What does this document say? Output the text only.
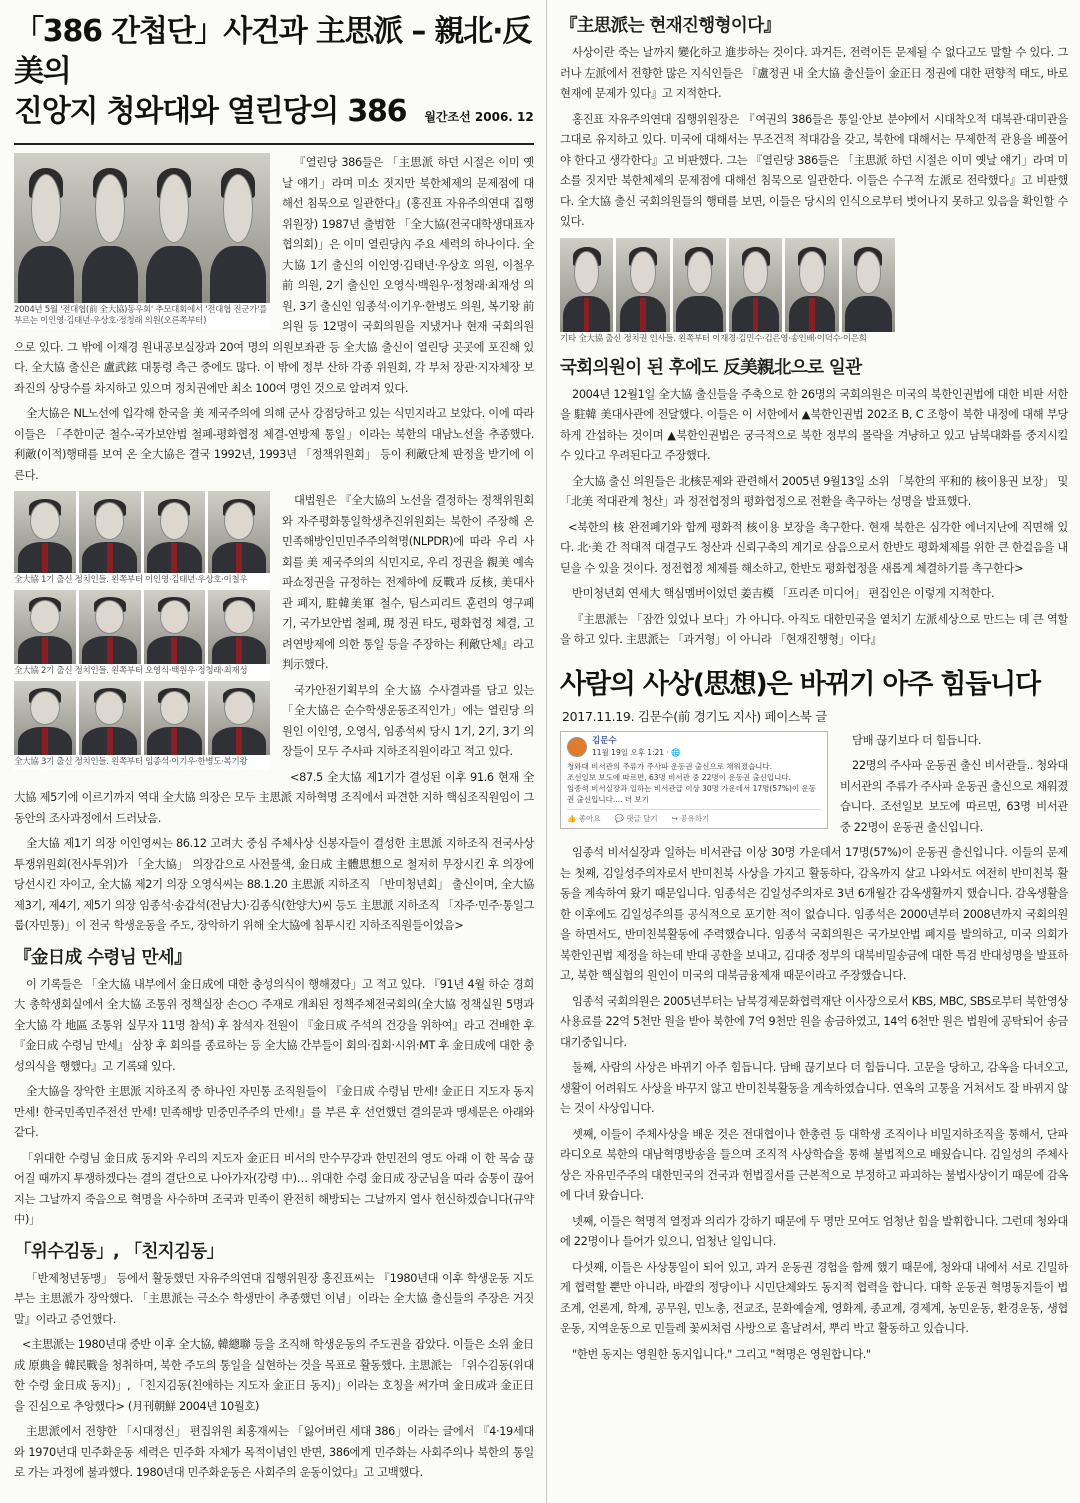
「386 간첩단」사건과 主思派 – 親北·反美의
진앙지 청와대와 열린당의 386 월간조선 2006. 12
2004년 5월 '전대협(前 全大協)동우회' 추모대회에서 '전대협 진군가'를 부르는 이인영·김태년·우상호·정청래 의원(오른쪽부터)

『열린당 386들은 「主思派 하던 시절은 이미 옛날 얘기」라며 미소 짓지만 북한체제의 문제점에 대해선 침묵으로 일관한다』(홍진표 자유주의연대 집행위원장) 1987년 출범한 「全大協(전국대학생대표자협의회)」은 이미 열린당內 주요 세력의 하나이다. 全大協 1기 출신의 이인영·김태년·우상호 의원, 이철우 前 의원, 2기 출신인 오영식·백원우·정청래·최재성 의원, 3기 출신인 임종석·이기우·한병도 의원, 복기왕 前 의원 등 12명이 국회의원을 지냈거나 현재 국회의원으로 있다. 그 밖에 이재경 원내공보실장과 20여 명의 의원보좌관 등 全大協 출신이 열린당 곳곳에 포진해 있다. 全大協 출신은 盧武鉉 대통령 측근 중에도 많다. 이 밖에 정부 산하 각종 위원회, 각 부처 장관·지자체장 보좌진의 상당수를 차지하고 있으며 정치권에만 최소 100여 명인 것으로 알려져 있다.

全大協은 NL노선에 입각해 한국을 美 제국주의에 의해 군사 강점당하고 있는 식민지라고 보았다. 이에 따라 이들은 「주한미군 철수-국가보안법 철폐-평화협정 체결-연방제 통일」이라는 북한의 대남노선을 추종했다. 利敵(이적)행태를 보여 온 全大協은 결국 1992년, 1993년 「정책위원회」 등이 利敵단체 판정을 받기에 이른다.

全大協 1기 출신 정치인들. 왼쪽부터 이인영·김태년·우상호·이철우
全大協 2기 출신 정치인들. 왼쪽부터 오영식·백원우·정청래·최재성
全大協 3기 출신 정치인들. 왼쪽부터 임종석·이기우·한병도·복기왕

대법원은 『全大協의 노선을 결정하는 정책위원회와 자주평화통일학생추진위원회는 북한이 주장해 온 민족해방인민민주주의혁명(NLPDR)에 따라 우리 사회를 美 제국주의의 식민지로, 우리 정권을 親美 예속 파쇼정권을 규정하는 전제하에 反戰과 反核, 美대사관 폐지, 駐韓美軍 철수, 팀스피리트 훈련의 영구폐기, 국가보안법 철폐, 現 정권 타도, 평화협정 체결, 고려연방제에 의한 통일 등을 주장하는 利敵단체』라고 判示했다.

국가안전기획부의 全大協 수사결과를 담고 있는 「全大協은 순수학생운동조직인가」에는 열린당 의원인 이인영, 오영식, 임종석씨 당시 1기, 2기, 3기 의장들이 모두 주사파 지하조직원이라고 적고 있다.

<87.5 全大協 제1기가 결성된 이후 91.6 현재 全大協 제5기에 이르기까지 역대 全大協 의장은 모두 主思派 지하혁명 조직에서 파견한 지하 핵심조직원임이 그 동안의 조사과정에서 드러났음.

全大協 제1기 의장 이인영씨는 86.12 고려大 중심 주체사상 신봉자들이 결성한 主思派 지하조직 전국사상투쟁위원회(전사투위)가 「全大協」 의장감으로 사전물색, 金日成 主體思想으로 철저히 무장시킨 후 의장에 당선시킨 자이고, 全大協 제2기 의장 오영식씨는 88.1.20 主思派 지하조직 「반미청년회」 출신이며, 全大協 제3기, 제4기, 제5기 의장 임종석·송갑석(전남大)·김종식(한양大)씨 등도 主思派 지하조직 「자주·민주·통일그룹(자민통)」이 전국 학생운동을 주도, 장악하기 위해 全大協에 침투시킨 지하조직원들이었음>

『金日成 수령님 만세』

이 기록들은 「全大協 내부에서 金日成에 대한 충성의식이 행해졌다」고 적고 있다. 『91년 4월 하순 경희大 총학생회실에서 全大協 조통위 정책실장 손○○ 주재로 개최된 정책주체전국회의(全大協 정책실원 5명과 全大協 각 地區 조통위 실무자 11명 참석) 후 참석자 전원이 『金日成 주석의 건강을 위하여』라고 건배한 후 『金日成 수령님 만세』 삼창 후 회의를 종료하는 등 全大協 간부들이 회의·집회·시위·MT 후 金日成에 대한 충성의식을 행했다』고 기록돼 있다.

全大協을 장악한 主思派 지하조직 중 하나인 자민통 조직원들이 『金日成 수령님 만세! 金正日 지도자 동지 만세! 한국민족민주전선 만세! 민족해방 민중민주주의 만세!』를 부른 후 선언했던 결의문과 맹세문은 아래와 같다.

「위대한 수령님 金日成 동지와 우리의 지도자 金正日 비서의 만수무강과 한민전의 영도 아래 이 한 목숨 끊어질 때까지 투쟁하겠다는 결의 결단으로 나아가자(강령 中)… 위대한 수령 金日成 장군님을 따라 숨통이 끊어지는 그날까지 죽음으로 혁명을 사수하며 조국과 민족이 완전히 해방되는 그날까지 열사 헌신하겠습니다(규약 中)」

「위수김동」, 「친지김동」

「반제청년동맹」 등에서 활동했던 자유주의연대 집행위원장 홍진표씨는 『1980년대 이후 학생운동 지도부는 主思派가 장악했다. 「主思派는 극소수 학생만이 추종했던 이념」이라는 全大協 출신들의 주장은 거짓말』이라고 증언했다.

<主思派는 1980년대 중반 이후 全大協, 韓總聯 등을 조직해 학생운동의 주도권을 잡았다. 이들은 소위 金日成 原典을 韓民戰을 청취하며, 북한 주도의 통일을 실현하는 것을 목표로 활동했다. 主思派는 「위수김동(위대한 수령 金日成 동지)」, 「친지김동(친애하는 지도자 金正日 동지)」이라는 호칭을 써가며 金日成과 金正日을 진심으로 추앙했다> (月刊朝鮮 2004년 10월호)

主思派에서 전향한 「시대정신」 편집위원 최홍재씨는 「잃어버린 세대 386」이라는 글에서 『4·19세대와 1970년대 민주화운동 세력은 민주화 자체가 목적이념인 반면, 386에게 민주화는 사회주의나 북한의 통일로 가는 과정에 불과했다. 1980년대 민주화운동은 사회주의 운동이었다』고 고백했다.

『主思派는 현재진행형이다』

사상이란 죽는 날까지 變化하고 進步하는 것이다. 과거든, 전력이든 문제될 수 없다고도 말할 수 있다. 그러나 左派에서 전향한 많은 지식인들은 『盧정권 내 全大協 출신들이 金正日 정권에 대한 편향적 태도, 바로 현재에 문제가 있다』고 지적한다.

홍진표 자유주의연대 집행위원장은 『여권의 386들은 통일·안보 분야에서 시대착오적 대북관·대미관을 그대로 유지하고 있다. 미국에 대해서는 무조건적 적대감을 갖고, 북한에 대해서는 무제한적 관용을 베풀어야 한다고 생각한다』고 비판했다. 그는 『열린당 386들은 「主思派 하던 시절은 이미 옛날 얘기」라며 미소를 짓지만 북한체제의 문제점에 대해선 침묵으로 일관한다. 이들은 수구적 左派로 전락했다』고 비판했다. 全大協 출신 국회의원들의 행태를 보면, 이들은 당시의 인식으로부터 벗어나지 못하고 있음을 확인할 수 있다.

기타 全大協 출신 정치권 인사들. 왼쪽부터 이재경·김민수·김은영·송인배·이덕수·이은희
국회의원이 된 후에도 反美親北으로 일관

2004년 12월1일 全大協 출신들을 주축으로 한 26명의 국회의원은 미국의 북한인권법에 대한 비판 서한을 駐韓 美대사관에 전달했다. 이들은 이 서한에서 ▲북한인권법 202조 B, C 조항이 북한 내정에 대해 부당하게 간섭하는 것이며 ▲북한인권법은 궁극적으로 북한 정부의 몰락을 겨냥하고 있고 남북대화를 중지시킬 수 있다고 우려된다고 주장했다.

全大協 출신 의원들은 北核문제와 관련해서 2005년 9월13일 소위 「북한의 平和的 核이용권 보장」 및 「北美 적대관계 청산」과 정전협정의 평화협정으로 전환을 촉구하는 성명을 발표했다.

<북한의 核 완전폐기와 함께 평화적 核이용 보장을 촉구한다. 현재 북한은 심각한 에너지난에 직면해 있다. 北·美 간 적대적 대결구도 청산과 신뢰구축의 계기로 삼음으로서 한반도 평화체제를 위한 큰 한걸음을 내딛을 수 있을 것이다. 정전협정 체제를 해소하고, 한반도 평화협정을 새롭게 체결하기를 촉구한다>

반미청년회 연세大 핵심멤버이었던 姜吉模 「프리존 미디어」 편집인은 이렇게 지적한다.

『主思派는 「잠깐 있었나 보다」가 아니다. 아직도 대한민국을 옅치기 左派세상으로 만드는 데 큰 역할을 하고 있다. 主思派는 「과거형」이 아니라 「현재진행형」이다』

사람의 사상(思想)은 바뀌기 아주 힘듭니다
2017.11.19. 김문수(前 경기도 지사) 페이스북 글
김문수
11월 19일 오후 1:21 · 🌐
청와대 비서관의 주류가 주사파 운동권 출신으로 채워졌습니다.
조선일보 보도에 따르면, 63명 비서관 중 22명이 운동권 출신입니다.
임종석 비서실장과 일하는 비서관급 이상 30명 가운데서 17명(57%)이 운동권 출신입니다.... 더 보기
👍 좋아요 💬 댓글 달기 ↪ 공유하기

담배 끊기보다 더 힘듭니다.

22명의 주사파 운동권 출신 비서관들.. 청와대 비서관의 주류가 주사파 운동권 출신으로 채워졌습니다. 조선일보 보도에 따르면, 63명 비서관 중 22명이 운동권 출신입니다.

임종석 비서실장과 일하는 비서관급 이상 30명 가운데서 17명(57%)이 운동권 출신입니다. 이들의 문제는 첫째, 김일성주의자로서 반미친북 사상을 가지고 활동하다, 감옥까지 살고 나와서도 여전히 반미친북 활동을 계속하여 왔기 때문입니다. 임종석은 김일성주의자로 3년 6개월간 감옥생활까지 했습니다. 감옥생활을 한 이후에도 김일성주의를 공식적으로 포기한 적이 없습니다. 임종석은 2000년부터 2008년까지 국회의원을 하면서도, 반미친북활동에 주력했습니다. 임종석 국회의원은 국가보안법 폐지를 발의하고, 미국 의회가 북한인권법 제정을 하는데 반대 공한을 보내고, 김대중 정부의 대북비밀송금에 대한 특검 반대성명을 발표하고, 북한 핵실험의 원인이 미국의 대북금융제재 때문이라고 주장했습니다.

임종석 국회의원은 2005년부터는 남북경제문화협력재단 이사장으로서 KBS, MBC, SBS로부터 북한영상 사용료를 22억 5천만 원을 받아 북한에 7억 9천만 원을 송금하였고, 14억 6천만 원은 법원에 공탁되어 송금 대기중입니다.

둘째, 사람의 사상은 바뀌기 아주 힘듭니다. 담배 끊기보다 더 힘듭니다. 고문을 당하고, 감옥을 다녀오고, 생활이 어려워도 사상을 바꾸지 않고 반미친북활동을 계속하였습니다. 연옥의 고통을 거쳐서도 잘 바뀌지 않는 것이 사상입니다.

셋째, 이들이 주체사상을 배운 것은 전대협이나 한총련 등 대학생 조직이나 비밀지하조직을 통해서, 단파 라디오로 북한의 대남혁명방송을 들으며 조직적 사상학습을 통해 불법적으로 배웠습니다. 김일성의 주체사상은 자유민주주의 대한민국의 건국과 헌법질서를 근본적으로 부정하고 파괴하는 불법사상이기 때문에 감옥에 다녀 왔습니다.

넷째, 이들은 혁명적 열정과 의리가 강하기 때문에 두 명만 모여도 엄청난 힘을 발휘합니다. 그런데 청와대에 22명이나 들어가 있으니, 엄청난 일입니다.

다섯째, 이들은 사상통일이 되어 있고, 과거 운동권 경험을 함께 했기 때문에, 청와대 내에서 서로 긴밀하게 협력할 뿐만 아니라, 바깥의 정당이나 시민단체와도 동지적 협력을 합니다. 대학 운동권 혁명동지들이 법조계, 언론계, 학계, 공무원, 민노총, 전교조, 문화예술계, 영화계, 종교계, 경제계, 농민운동, 환경운동, 생협운동, 지역운동으로 민들레 꽃씨처럼 사방으로 흩날려서, 뿌리 박고 활동하고 있습니다.

"한번 동지는 영원한 동지입니다." 그리고 "혁명은 영원합니다."
